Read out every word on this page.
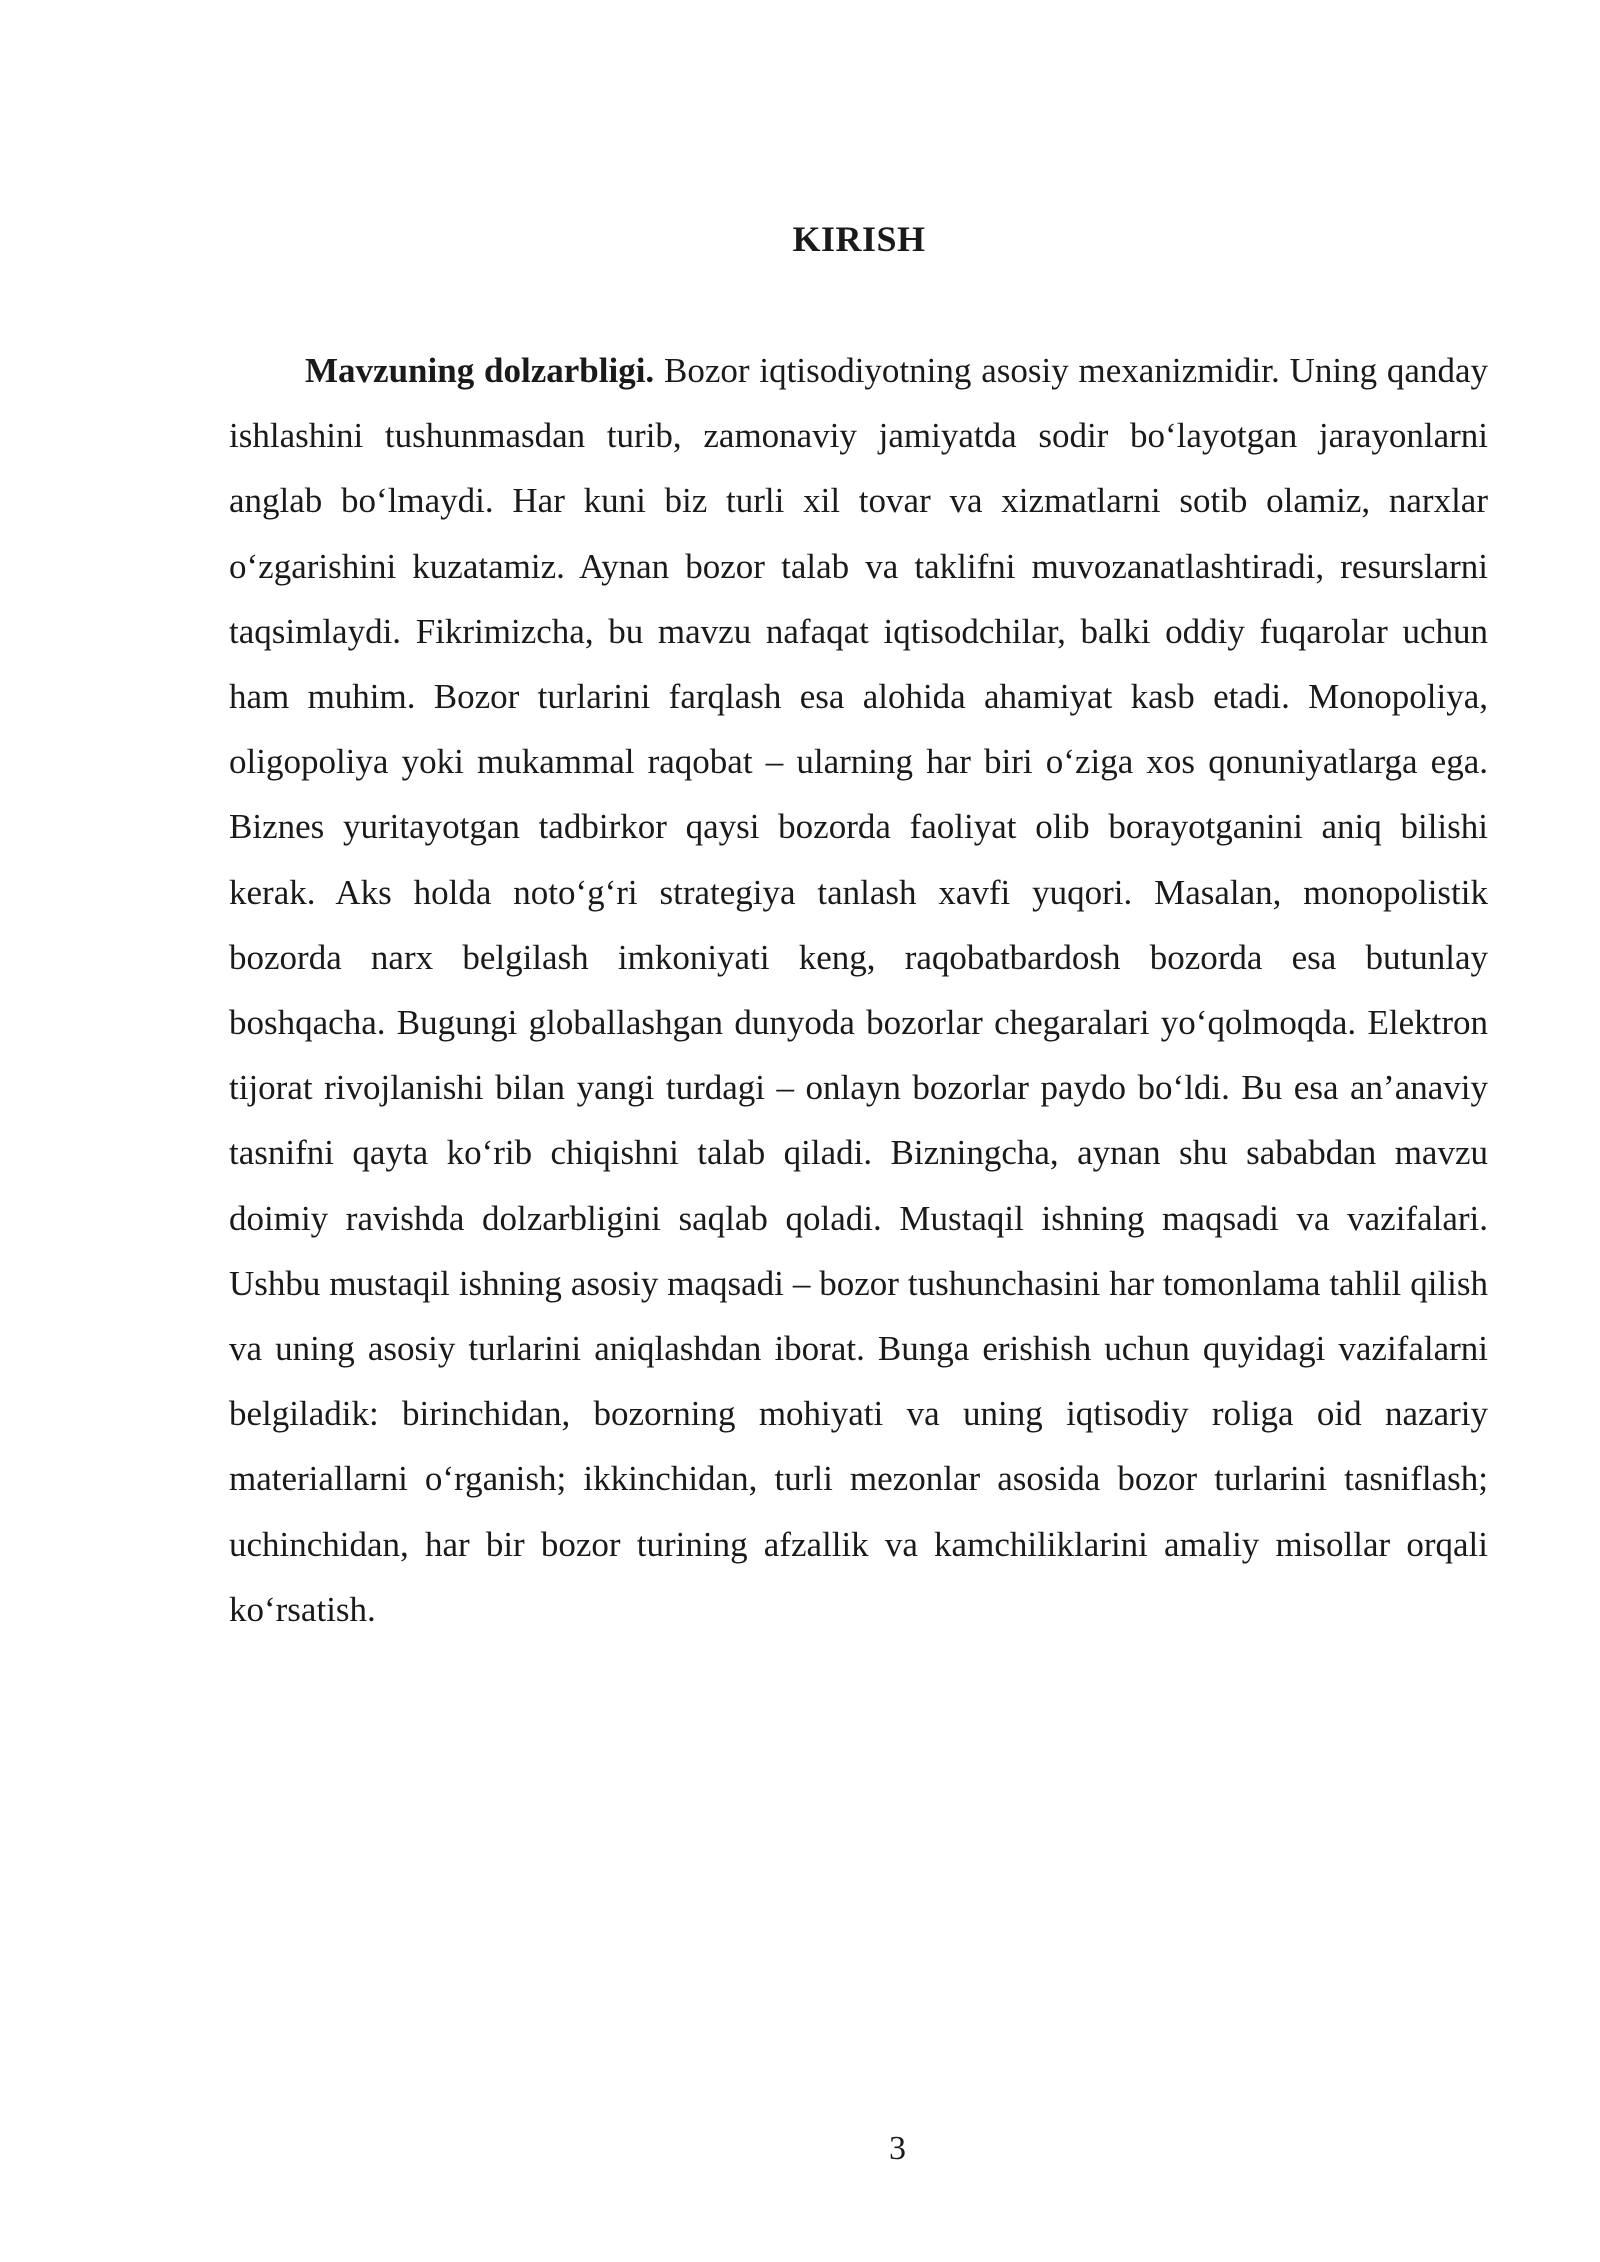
KIRISH

Mavzuning dolzarbligi. Bozor iqtisodiyotning asosiy mexanizmidir. Uning qanday ishlashini tushunmasdan turib, zamonaviy jamiyatda sodir bo‘layotgan jarayonlarni anglab bo‘lmaydi. Har kuni biz turli xil tovar va xizmatlarni sotib olamiz, narxlar o‘zgarishini kuzatamiz. Aynan bozor talab va taklifni muvozanatlashtiradi, resurslarni taqsimlaydi. Fikrimizcha, bu mavzu nafaqat iqtisodchilar, balki oddiy fuqarolar uchun ham muhim. Bozor turlarini farqlash esa alohida ahamiyat kasb etadi. Monopoliya, oligopoliya yoki mukammal raqobat – ularning har biri o‘ziga xos qonuniyatlarga ega. Biznes yuritayotgan tadbirkor qaysi bozorda faoliyat olib borayotganini aniq bilishi kerak. Aks holda noto‘g‘ri strategiya tanlash xavfi yuqori. Masalan, monopolistik bozorda narx belgilash imkoniyati keng, raqobatbardosh bozorda esa butunlay boshqacha. Bugungi globallashgan dunyoda bozorlar chegaralari yo‘qolmoqda. Elektron tijorat rivojlanishi bilan yangi turdagi – onlayn bozorlar paydo bo‘ldi. Bu esa an’anaviy tasnifni qayta ko‘rib chiqishni talab qiladi. Bizningcha, aynan shu sababdan mavzu doimiy ravishda dolzarbligini saqlab qoladi. Mustaqil ishning maqsadi va vazifalari. Ushbu mustaqil ishning asosiy maqsadi – bozor tushunchasini har tomonlama tahlil qilish va uning asosiy turlarini aniqlashdan iborat. Bunga erishish uchun quyidagi vazifalarni belgiladik: birinchidan, bozorning mohiyati va uning iqtisodiy roliga oid nazariy materiallarni o‘rganish; ikkinchidan, turli mezonlar asosida bozor turlarini tasniflash; uchinchidan, har bir bozor turining afzallik va kamchiliklarini amaliy misollar orqali ko‘rsatish.

3
